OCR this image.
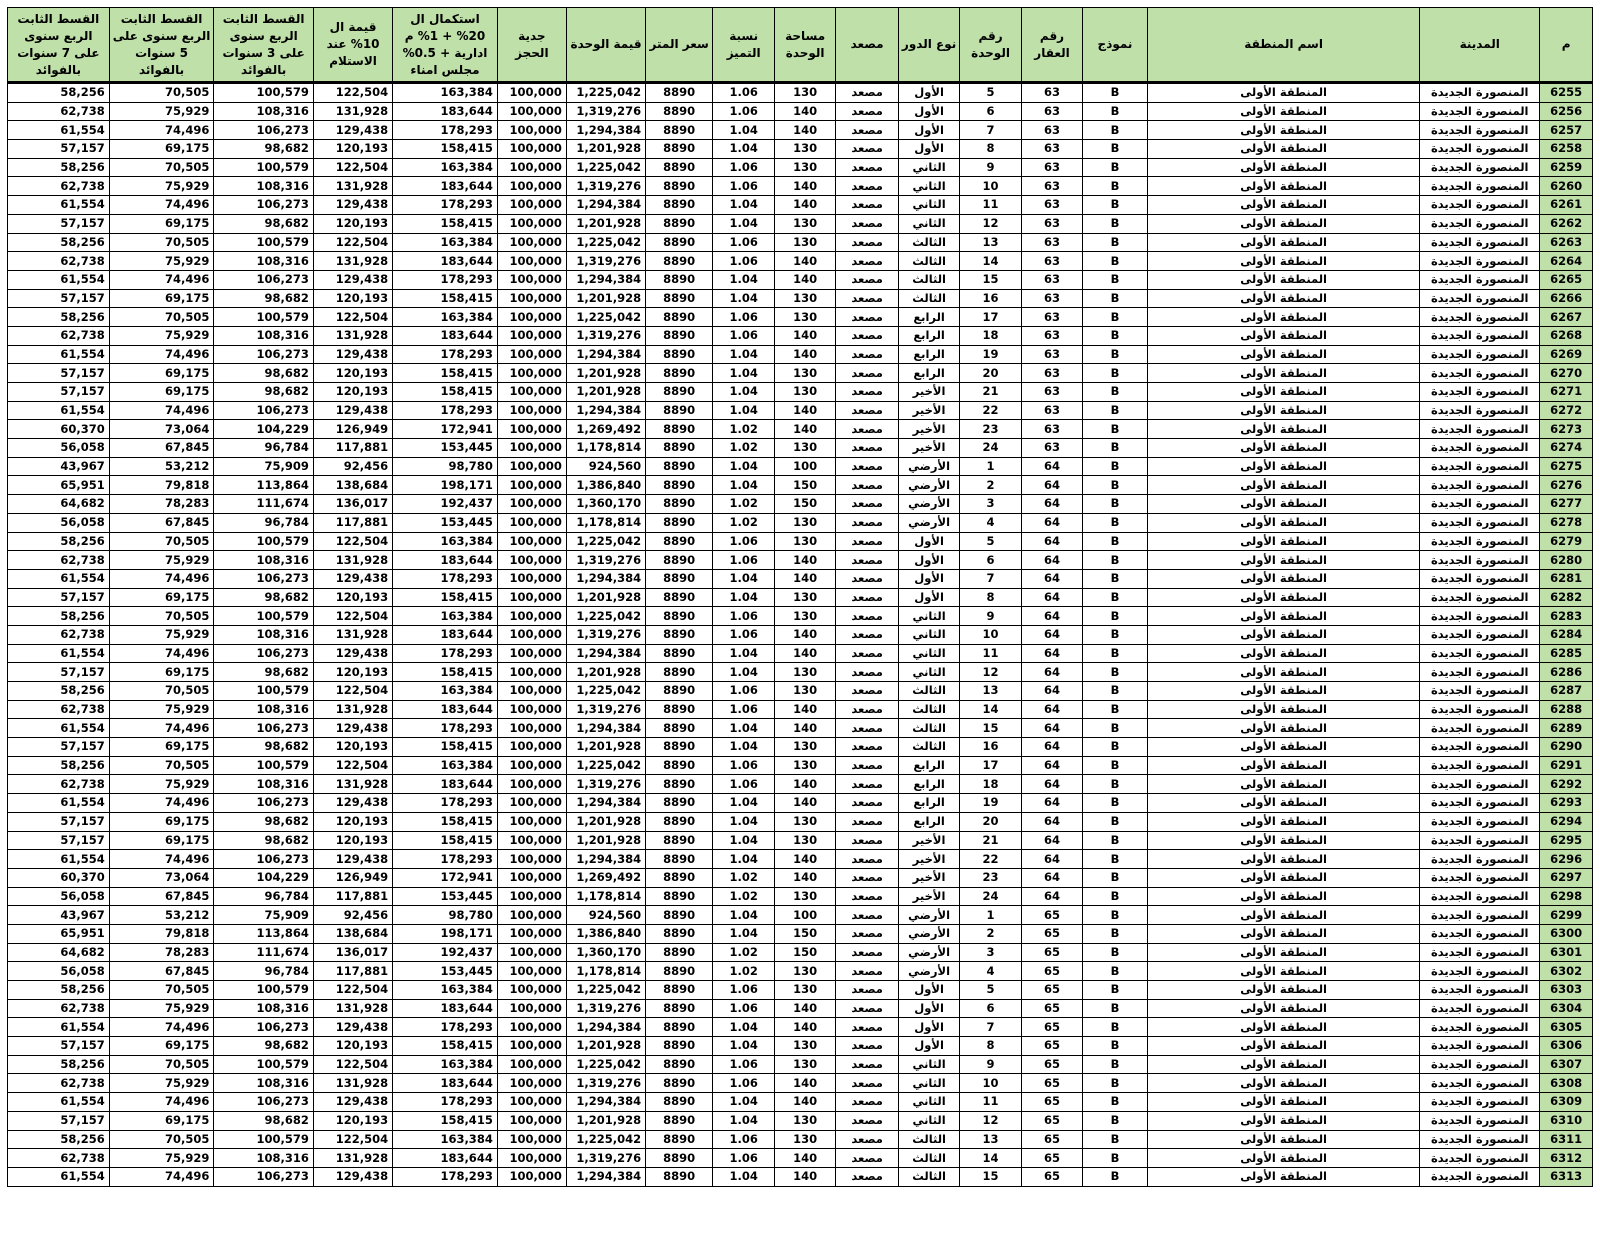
م	المدينة	اسم المنطقة	نموذج	رقم العقار	رقم الوحدة	نوع الدور	مصعد	مساحة الوحدة	نسبة التميز	سعر المتر	قيمة الوحدة	جدية الحجز	استكمال ال 20% + 1% م ادارية + 0.5% مجلس امناء	قيمة ال 10% عند الاستلام	القسط الثابت الربع سنوى على 3 سنوات بالفوائد	القسط الثابت الربع سنوى على 5 سنوات بالفوائد	القسط الثابت الربع سنوى على 7 سنوات بالفوائد
6255	المنصورة الجديدة	المنطقة الأولى	B	63	5	الأول	مصعد	130	1.06	8890	1,225,042	100,000	163,384	122,504	100,579	70,505	58,256
6256	المنصورة الجديدة	المنطقة الأولى	B	63	6	الأول	مصعد	140	1.06	8890	1,319,276	100,000	183,644	131,928	108,316	75,929	62,738
6257	المنصورة الجديدة	المنطقة الأولى	B	63	7	الأول	مصعد	140	1.04	8890	1,294,384	100,000	178,293	129,438	106,273	74,496	61,554
6258	المنصورة الجديدة	المنطقة الأولى	B	63	8	الأول	مصعد	130	1.04	8890	1,201,928	100,000	158,415	120,193	98,682	69,175	57,157
6259	المنصورة الجديدة	المنطقة الأولى	B	63	9	الثاني	مصعد	130	1.06	8890	1,225,042	100,000	163,384	122,504	100,579	70,505	58,256
6260	المنصورة الجديدة	المنطقة الأولى	B	63	10	الثاني	مصعد	140	1.06	8890	1,319,276	100,000	183,644	131,928	108,316	75,929	62,738
6261	المنصورة الجديدة	المنطقة الأولى	B	63	11	الثاني	مصعد	140	1.04	8890	1,294,384	100,000	178,293	129,438	106,273	74,496	61,554
6262	المنصورة الجديدة	المنطقة الأولى	B	63	12	الثاني	مصعد	130	1.04	8890	1,201,928	100,000	158,415	120,193	98,682	69,175	57,157
6263	المنصورة الجديدة	المنطقة الأولى	B	63	13	الثالث	مصعد	130	1.06	8890	1,225,042	100,000	163,384	122,504	100,579	70,505	58,256
6264	المنصورة الجديدة	المنطقة الأولى	B	63	14	الثالث	مصعد	140	1.06	8890	1,319,276	100,000	183,644	131,928	108,316	75,929	62,738
6265	المنصورة الجديدة	المنطقة الأولى	B	63	15	الثالث	مصعد	140	1.04	8890	1,294,384	100,000	178,293	129,438	106,273	74,496	61,554
6266	المنصورة الجديدة	المنطقة الأولى	B	63	16	الثالث	مصعد	130	1.04	8890	1,201,928	100,000	158,415	120,193	98,682	69,175	57,157
6267	المنصورة الجديدة	المنطقة الأولى	B	63	17	الرابع	مصعد	130	1.06	8890	1,225,042	100,000	163,384	122,504	100,579	70,505	58,256
6268	المنصورة الجديدة	المنطقة الأولى	B	63	18	الرابع	مصعد	140	1.06	8890	1,319,276	100,000	183,644	131,928	108,316	75,929	62,738
6269	المنصورة الجديدة	المنطقة الأولى	B	63	19	الرابع	مصعد	140	1.04	8890	1,294,384	100,000	178,293	129,438	106,273	74,496	61,554
6270	المنصورة الجديدة	المنطقة الأولى	B	63	20	الرابع	مصعد	130	1.04	8890	1,201,928	100,000	158,415	120,193	98,682	69,175	57,157
6271	المنصورة الجديدة	المنطقة الأولى	B	63	21	الأخير	مصعد	130	1.04	8890	1,201,928	100,000	158,415	120,193	98,682	69,175	57,157
6272	المنصورة الجديدة	المنطقة الأولى	B	63	22	الأخير	مصعد	140	1.04	8890	1,294,384	100,000	178,293	129,438	106,273	74,496	61,554
6273	المنصورة الجديدة	المنطقة الأولى	B	63	23	الأخير	مصعد	140	1.02	8890	1,269,492	100,000	172,941	126,949	104,229	73,064	60,370
6274	المنصورة الجديدة	المنطقة الأولى	B	63	24	الأخير	مصعد	130	1.02	8890	1,178,814	100,000	153,445	117,881	96,784	67,845	56,058
6275	المنصورة الجديدة	المنطقة الأولى	B	64	1	الأرضي	مصعد	100	1.04	8890	924,560	100,000	98,780	92,456	75,909	53,212	43,967
6276	المنصورة الجديدة	المنطقة الأولى	B	64	2	الأرضي	مصعد	150	1.04	8890	1,386,840	100,000	198,171	138,684	113,864	79,818	65,951
6277	المنصورة الجديدة	المنطقة الأولى	B	64	3	الأرضي	مصعد	150	1.02	8890	1,360,170	100,000	192,437	136,017	111,674	78,283	64,682
6278	المنصورة الجديدة	المنطقة الأولى	B	64	4	الأرضي	مصعد	130	1.02	8890	1,178,814	100,000	153,445	117,881	96,784	67,845	56,058
6279	المنصورة الجديدة	المنطقة الأولى	B	64	5	الأول	مصعد	130	1.06	8890	1,225,042	100,000	163,384	122,504	100,579	70,505	58,256
6280	المنصورة الجديدة	المنطقة الأولى	B	64	6	الأول	مصعد	140	1.06	8890	1,319,276	100,000	183,644	131,928	108,316	75,929	62,738
6281	المنصورة الجديدة	المنطقة الأولى	B	64	7	الأول	مصعد	140	1.04	8890	1,294,384	100,000	178,293	129,438	106,273	74,496	61,554
6282	المنصورة الجديدة	المنطقة الأولى	B	64	8	الأول	مصعد	130	1.04	8890	1,201,928	100,000	158,415	120,193	98,682	69,175	57,157
6283	المنصورة الجديدة	المنطقة الأولى	B	64	9	الثاني	مصعد	130	1.06	8890	1,225,042	100,000	163,384	122,504	100,579	70,505	58,256
6284	المنصورة الجديدة	المنطقة الأولى	B	64	10	الثاني	مصعد	140	1.06	8890	1,319,276	100,000	183,644	131,928	108,316	75,929	62,738
6285	المنصورة الجديدة	المنطقة الأولى	B	64	11	الثاني	مصعد	140	1.04	8890	1,294,384	100,000	178,293	129,438	106,273	74,496	61,554
6286	المنصورة الجديدة	المنطقة الأولى	B	64	12	الثاني	مصعد	130	1.04	8890	1,201,928	100,000	158,415	120,193	98,682	69,175	57,157
6287	المنصورة الجديدة	المنطقة الأولى	B	64	13	الثالث	مصعد	130	1.06	8890	1,225,042	100,000	163,384	122,504	100,579	70,505	58,256
6288	المنصورة الجديدة	المنطقة الأولى	B	64	14	الثالث	مصعد	140	1.06	8890	1,319,276	100,000	183,644	131,928	108,316	75,929	62,738
6289	المنصورة الجديدة	المنطقة الأولى	B	64	15	الثالث	مصعد	140	1.04	8890	1,294,384	100,000	178,293	129,438	106,273	74,496	61,554
6290	المنصورة الجديدة	المنطقة الأولى	B	64	16	الثالث	مصعد	130	1.04	8890	1,201,928	100,000	158,415	120,193	98,682	69,175	57,157
6291	المنصورة الجديدة	المنطقة الأولى	B	64	17	الرابع	مصعد	130	1.06	8890	1,225,042	100,000	163,384	122,504	100,579	70,505	58,256
6292	المنصورة الجديدة	المنطقة الأولى	B	64	18	الرابع	مصعد	140	1.06	8890	1,319,276	100,000	183,644	131,928	108,316	75,929	62,738
6293	المنصورة الجديدة	المنطقة الأولى	B	64	19	الرابع	مصعد	140	1.04	8890	1,294,384	100,000	178,293	129,438	106,273	74,496	61,554
6294	المنصورة الجديدة	المنطقة الأولى	B	64	20	الرابع	مصعد	130	1.04	8890	1,201,928	100,000	158,415	120,193	98,682	69,175	57,157
6295	المنصورة الجديدة	المنطقة الأولى	B	64	21	الأخير	مصعد	130	1.04	8890	1,201,928	100,000	158,415	120,193	98,682	69,175	57,157
6296	المنصورة الجديدة	المنطقة الأولى	B	64	22	الأخير	مصعد	140	1.04	8890	1,294,384	100,000	178,293	129,438	106,273	74,496	61,554
6297	المنصورة الجديدة	المنطقة الأولى	B	64	23	الأخير	مصعد	140	1.02	8890	1,269,492	100,000	172,941	126,949	104,229	73,064	60,370
6298	المنصورة الجديدة	المنطقة الأولى	B	64	24	الأخير	مصعد	130	1.02	8890	1,178,814	100,000	153,445	117,881	96,784	67,845	56,058
6299	المنصورة الجديدة	المنطقة الأولى	B	65	1	الأرضي	مصعد	100	1.04	8890	924,560	100,000	98,780	92,456	75,909	53,212	43,967
6300	المنصورة الجديدة	المنطقة الأولى	B	65	2	الأرضي	مصعد	150	1.04	8890	1,386,840	100,000	198,171	138,684	113,864	79,818	65,951
6301	المنصورة الجديدة	المنطقة الأولى	B	65	3	الأرضي	مصعد	150	1.02	8890	1,360,170	100,000	192,437	136,017	111,674	78,283	64,682
6302	المنصورة الجديدة	المنطقة الأولى	B	65	4	الأرضي	مصعد	130	1.02	8890	1,178,814	100,000	153,445	117,881	96,784	67,845	56,058
6303	المنصورة الجديدة	المنطقة الأولى	B	65	5	الأول	مصعد	130	1.06	8890	1,225,042	100,000	163,384	122,504	100,579	70,505	58,256
6304	المنصورة الجديدة	المنطقة الأولى	B	65	6	الأول	مصعد	140	1.06	8890	1,319,276	100,000	183,644	131,928	108,316	75,929	62,738
6305	المنصورة الجديدة	المنطقة الأولى	B	65	7	الأول	مصعد	140	1.04	8890	1,294,384	100,000	178,293	129,438	106,273	74,496	61,554
6306	المنصورة الجديدة	المنطقة الأولى	B	65	8	الأول	مصعد	130	1.04	8890	1,201,928	100,000	158,415	120,193	98,682	69,175	57,157
6307	المنصورة الجديدة	المنطقة الأولى	B	65	9	الثاني	مصعد	130	1.06	8890	1,225,042	100,000	163,384	122,504	100,579	70,505	58,256
6308	المنصورة الجديدة	المنطقة الأولى	B	65	10	الثاني	مصعد	140	1.06	8890	1,319,276	100,000	183,644	131,928	108,316	75,929	62,738
6309	المنصورة الجديدة	المنطقة الأولى	B	65	11	الثاني	مصعد	140	1.04	8890	1,294,384	100,000	178,293	129,438	106,273	74,496	61,554
6310	المنصورة الجديدة	المنطقة الأولى	B	65	12	الثاني	مصعد	130	1.04	8890	1,201,928	100,000	158,415	120,193	98,682	69,175	57,157
6311	المنصورة الجديدة	المنطقة الأولى	B	65	13	الثالث	مصعد	130	1.06	8890	1,225,042	100,000	163,384	122,504	100,579	70,505	58,256
6312	المنصورة الجديدة	المنطقة الأولى	B	65	14	الثالث	مصعد	140	1.06	8890	1,319,276	100,000	183,644	131,928	108,316	75,929	62,738
6313	المنصورة الجديدة	المنطقة الأولى	B	65	15	الثالث	مصعد	140	1.04	8890	1,294,384	100,000	178,293	129,438	106,273	74,496	61,554
